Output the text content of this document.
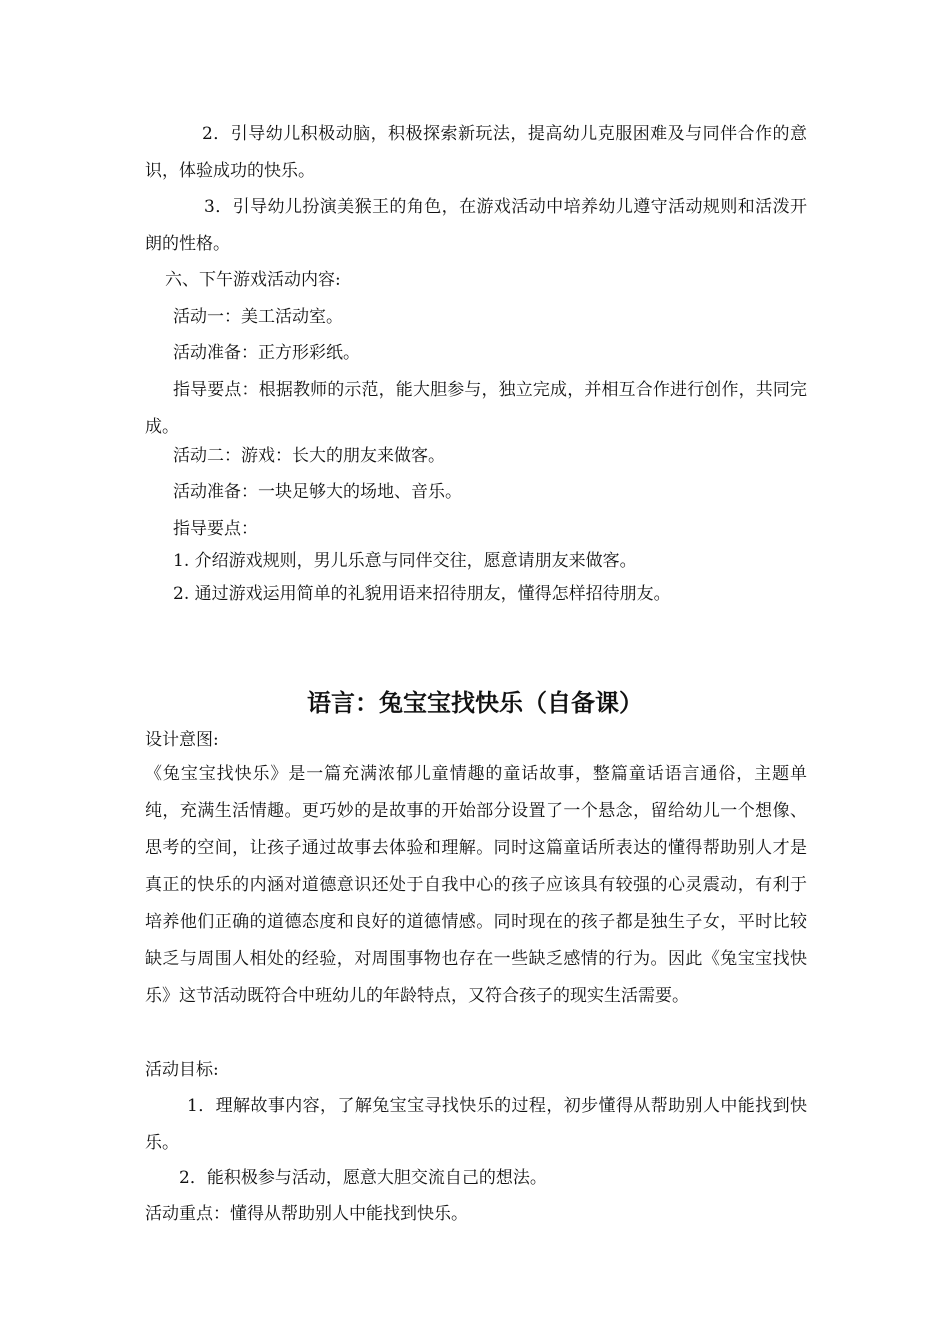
2．引导幼儿积极动脑，积极探索新玩法，提高幼儿克服困难及与同伴合作的意识，体验成功的快乐。

3．引导幼儿扮演美猴王的角色，在游戏活动中培养幼儿遵守活动规则和活泼开朗的性格。

六、下午游戏活动内容:

活动一：美工活动室。

活动准备：正方形彩纸。

指导要点：根据教师的示范，能大胆参与，独立完成，并相互合作进行创作，共同完成。

活动二：游戏：长大的朋友来做客。

活动准备：一块足够大的场地、音乐。

指导要点：

1. 介绍游戏规则，男儿乐意与同伴交往，愿意请朋友来做客。

2. 通过游戏运用简单的礼貌用语来招待朋友，懂得怎样招待朋友。

语言：兔宝宝找快乐（自备课）

设计意图:

《兔宝宝找快乐》是一篇充满浓郁儿童情趣的童话故事，整篇童话语言通俗，主题单纯，充满生活情趣。更巧妙的是故事的开始部分设置了一个悬念，留给幼儿一个想像、思考的空间，让孩子通过故事去体验和理解。同时这篇童话所表达的懂得帮助别人才是真正的快乐的内涵对道德意识还处于自我中心的孩子应该具有较强的心灵震动，有利于培养他们正确的道德态度和良好的道德情感。同时现在的孩子都是独生子女，平时比较缺乏与周围人相处的经验，对周围事物也存在一些缺乏感情的行为。因此《兔宝宝找快乐》这节活动既符合中班幼儿的年龄特点，又符合孩子的现实生活需要。

活动目标:

1．理解故事内容，了解兔宝宝寻找快乐的过程，初步懂得从帮助别人中能找到快乐。

2．能积极参与活动，愿意大胆交流自己的想法。

活动重点：懂得从帮助别人中能找到快乐。
